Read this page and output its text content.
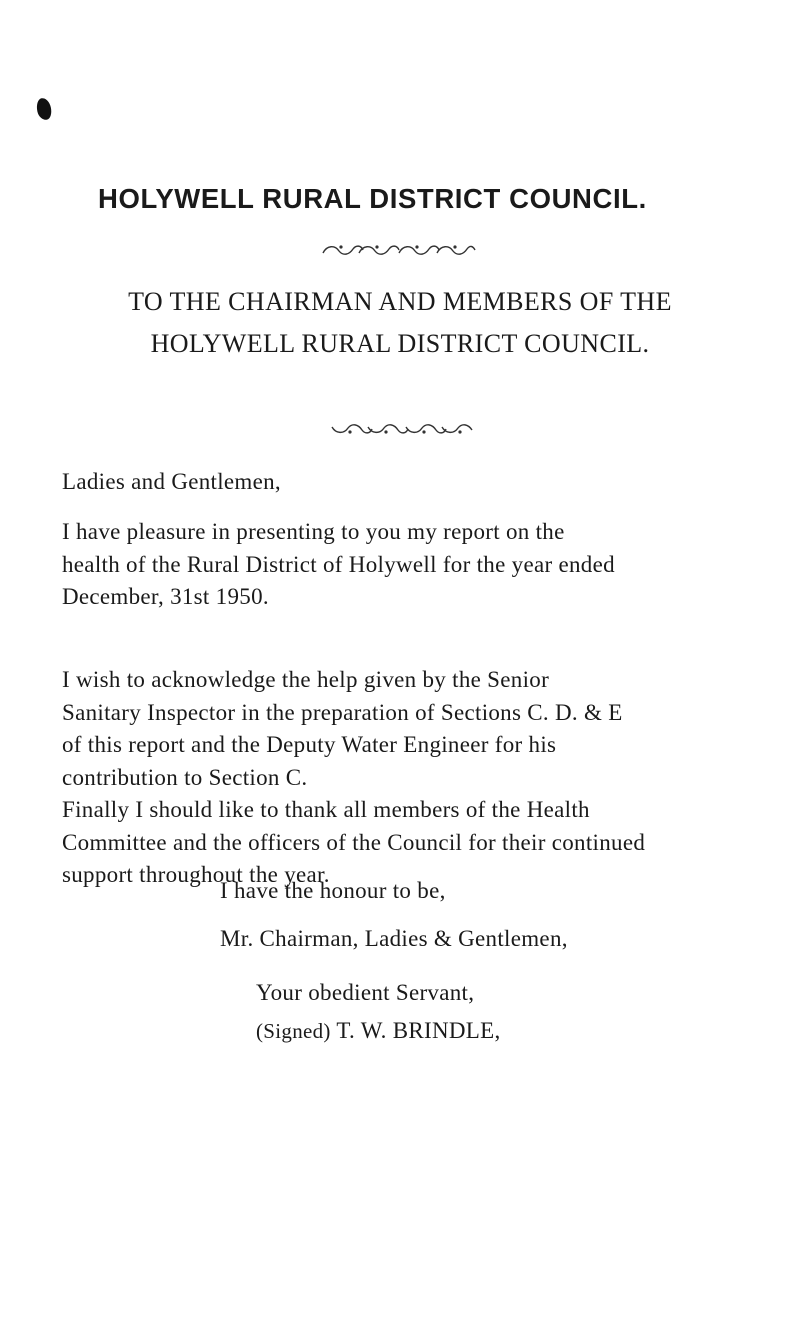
HOLYWELL RURAL DISTRICT COUNCIL.
TO THE CHAIRMAN AND MEMBERS OF THE
HOLYWELL RURAL DISTRICT COUNCIL.

Ladies and Gentlemen,

I have pleasure in presenting to you my report on the
health of the Rural District of Holywell for the year ended
December, 31st 1950.

I wish to acknowledge the help given by the Senior
Sanitary Inspector in the preparation of Sections C. D. & E
of this report and the Deputy Water Engineer for his
contribution to Section C.

Finally I should like to thank all members of the Health
Committee and the officers of the Council for their continued
support throughout the year.

I have the honour to be,

Mr. Chairman, Ladies & Gentlemen,

Your obedient Servant,

(Signed) T. W. BRINDLE,
